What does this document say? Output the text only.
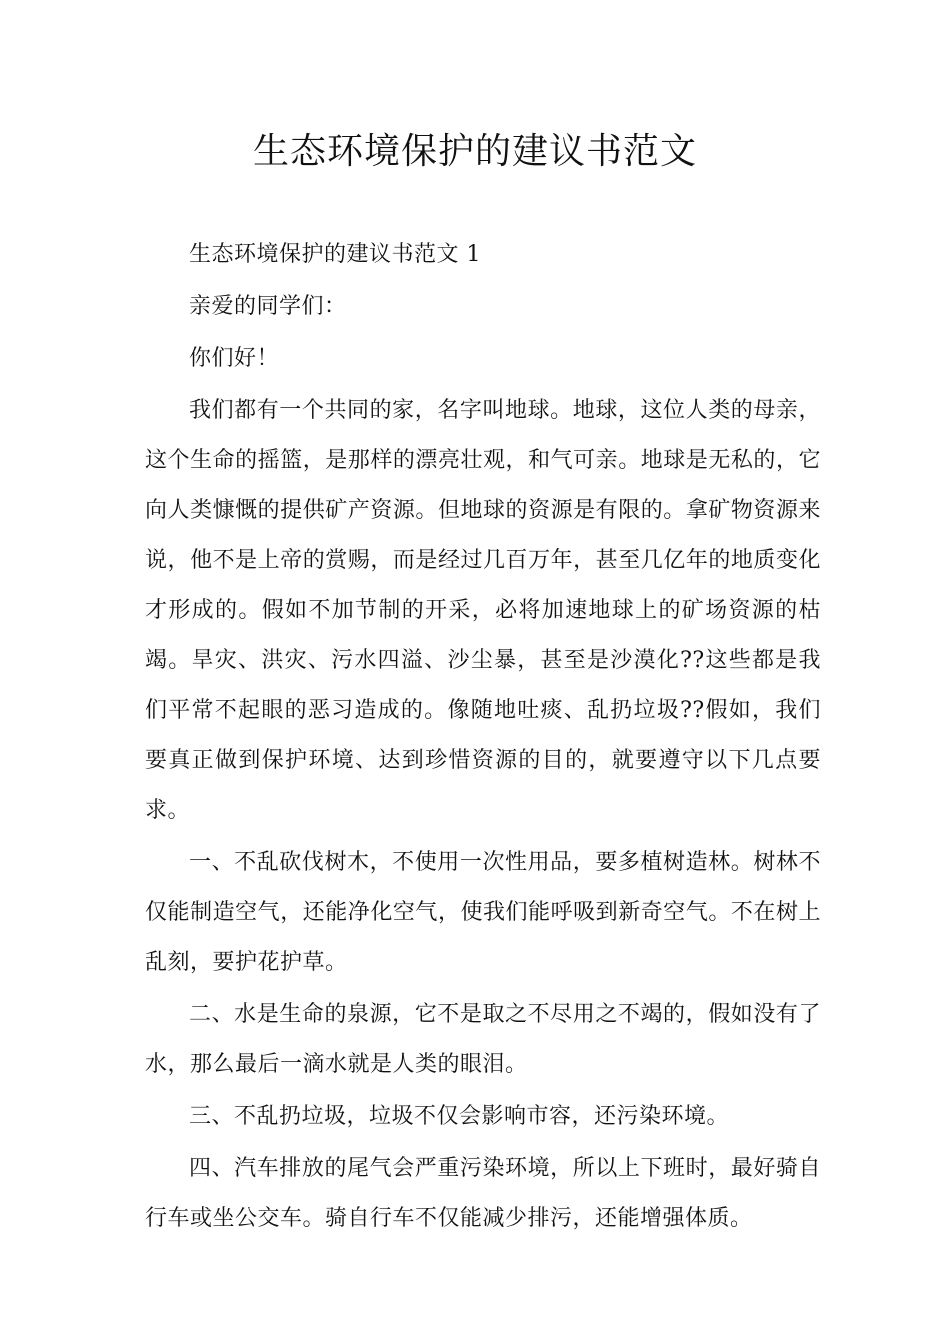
生态环境保护的建议书范文

生态环境保护的建议书范文 1

亲爱的同学们：

你们好！

我们都有一个共同的家，名字叫地球。地球，这位人类的母亲，这个生命的摇篮，是那样的漂亮壮观，和气可亲。地球是无私的，它向人类慷慨的提供矿产资源。但地球的资源是有限的。拿矿物资源来说，他不是上帝的赏赐，而是经过几百万年，甚至几亿年的地质变化才形成的。假如不加节制的开采，必将加速地球上的矿场资源的枯竭。旱灾、洪灾、污水四溢、沙尘暴，甚至是沙漠化??这些都是我们平常不起眼的恶习造成的。像随地吐痰、乱扔垃圾??假如，我们要真正做到保护环境、达到珍惜资源的目的，就要遵守以下几点要求。

一、不乱砍伐树木，不使用一次性用品，要多植树造林。树林不仅能制造空气，还能净化空气，使我们能呼吸到新奇空气。不在树上乱刻，要护花护草。

二、水是生命的泉源，它不是取之不尽用之不竭的，假如没有了水，那么最后一滴水就是人类的眼泪。

三、不乱扔垃圾，垃圾不仅会影响市容，还污染环境。

四、汽车排放的尾气会严重污染环境，所以上下班时，最好骑自行车或坐公交车。骑自行车不仅能减少排污，还能增强体质。
